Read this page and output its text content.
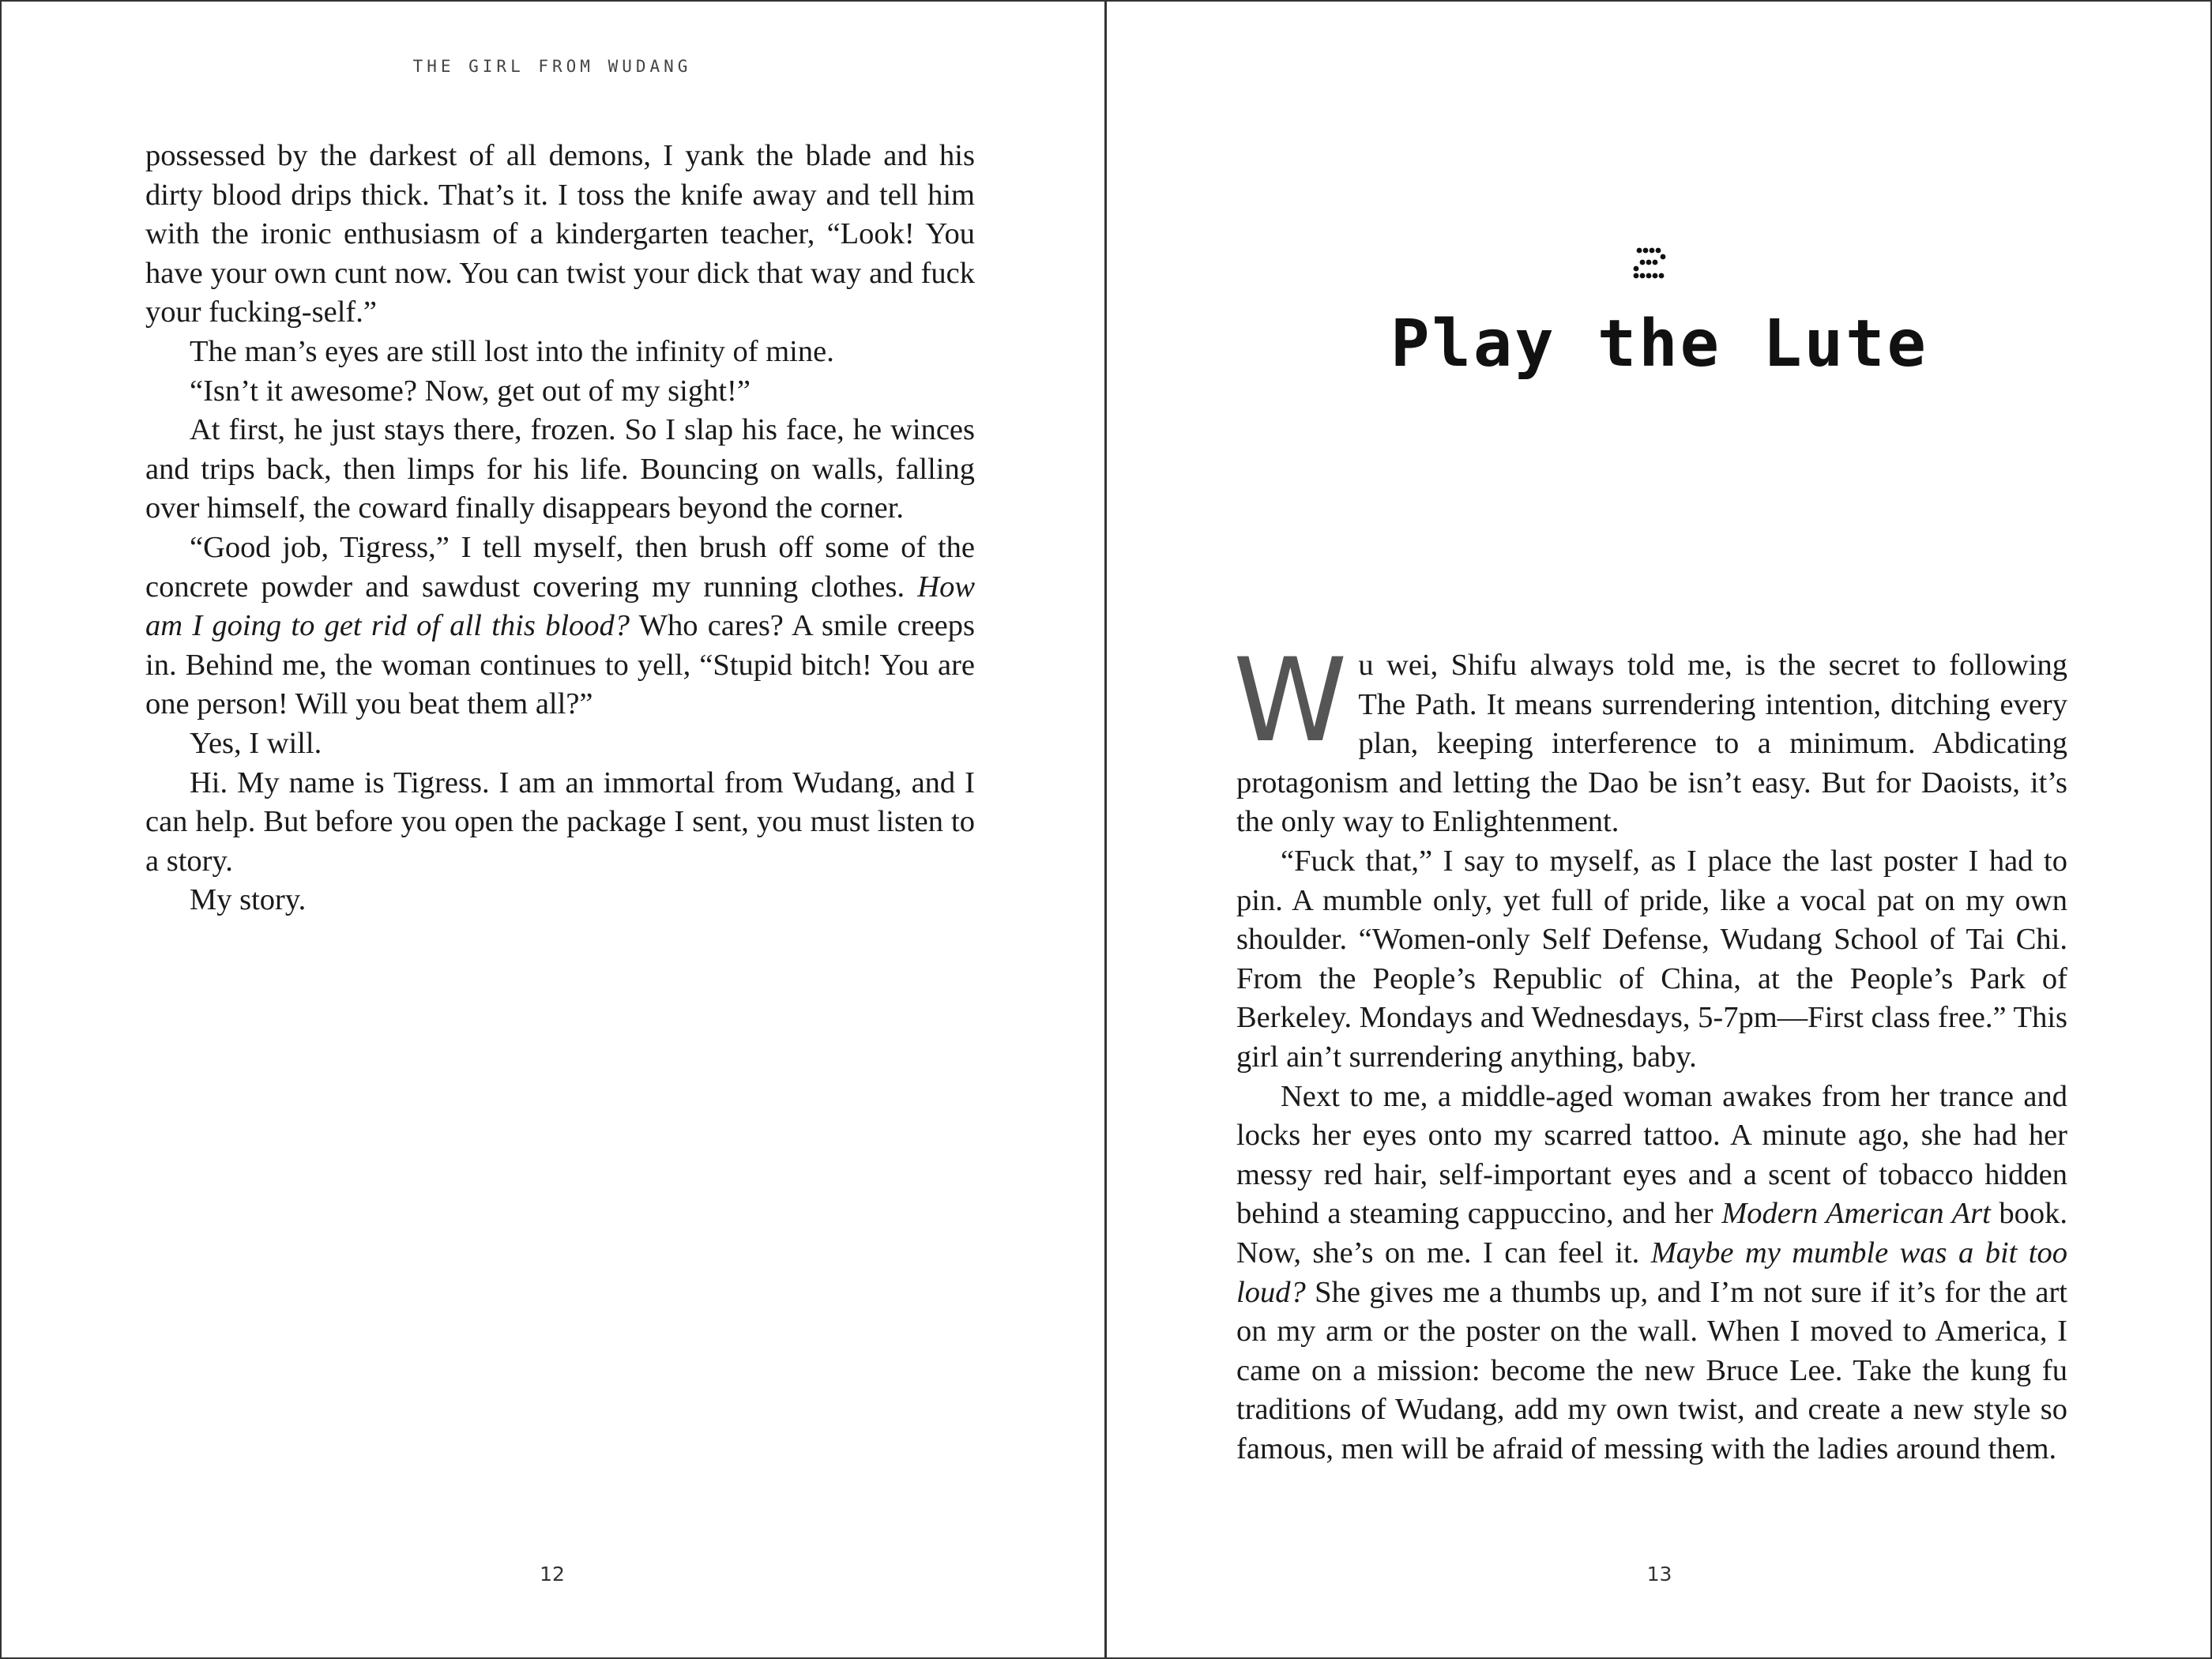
THE GIRL FROM WUDANG

possessed by the darkest of all demons, I yank the blade and his dirty blood drips thick. That’s it. I toss the knife away and tell him with the ironic enthusiasm of a kindergarten teacher, “Look! You have your own cunt now. You can twist your dick that way and fuck your fucking-self.”

The man’s eyes are still lost into the infinity of mine.

“Isn’t it awesome? Now, get out of my sight!”

At first, he just stays there, frozen. So I slap his face, he winces and trips back, then limps for his life. Bouncing on walls, falling over himself, the coward finally disappears beyond the corner.

“Good job, Tigress,” I tell myself, then brush off some of the concrete powder and sawdust covering my running clothes. How am I going to get rid of all this blood? Who cares? A smile creeps in. Behind me, the woman continues to yell, “Stupid bitch! You are one person! Will you beat them all?”

Yes, I will.

Hi. My name is Tigress. I am an immortal from Wudang, and I can help. But before you open the package I sent, you must listen to a story.

My story.

12
Play the Lute

Wu wei, Shifu always told me, is the secret to following The Path. It means surrendering intention, ditching every plan, keeping interference to a minimum. Abdicating protagonism and letting the Dao be isn’t easy. But for Daoists, it’s the only way to Enlightenment.

“Fuck that,” I say to myself, as I place the last poster I had to pin. A mumble only, yet full of pride, like a vocal pat on my own shoulder. “Women-only Self Defense, Wudang School of Tai Chi. From the People’s Republic of China, at the People’s Park of Berkeley. Mondays and Wednesdays, 5-7pm—First class free.” This girl ain’t surrendering anything, baby.

Next to me, a middle-aged woman awakes from her trance and locks her eyes onto my scarred tattoo. A minute ago, she had her messy red hair, self-important eyes and a scent of tobacco hidden behind a steaming cappuccino, and her Modern American Art book. Now, she’s on me. I can feel it. Maybe my mumble was a bit too loud? She gives me a thumbs up, and I’m not sure if it’s for the art on my arm or the poster on the wall. When I moved to America, I came on a mission: become the new Bruce Lee. Take the kung fu traditions of Wudang, add my own twist, and create a new style so famous, men will be afraid of messing with the ladies around them.

13
